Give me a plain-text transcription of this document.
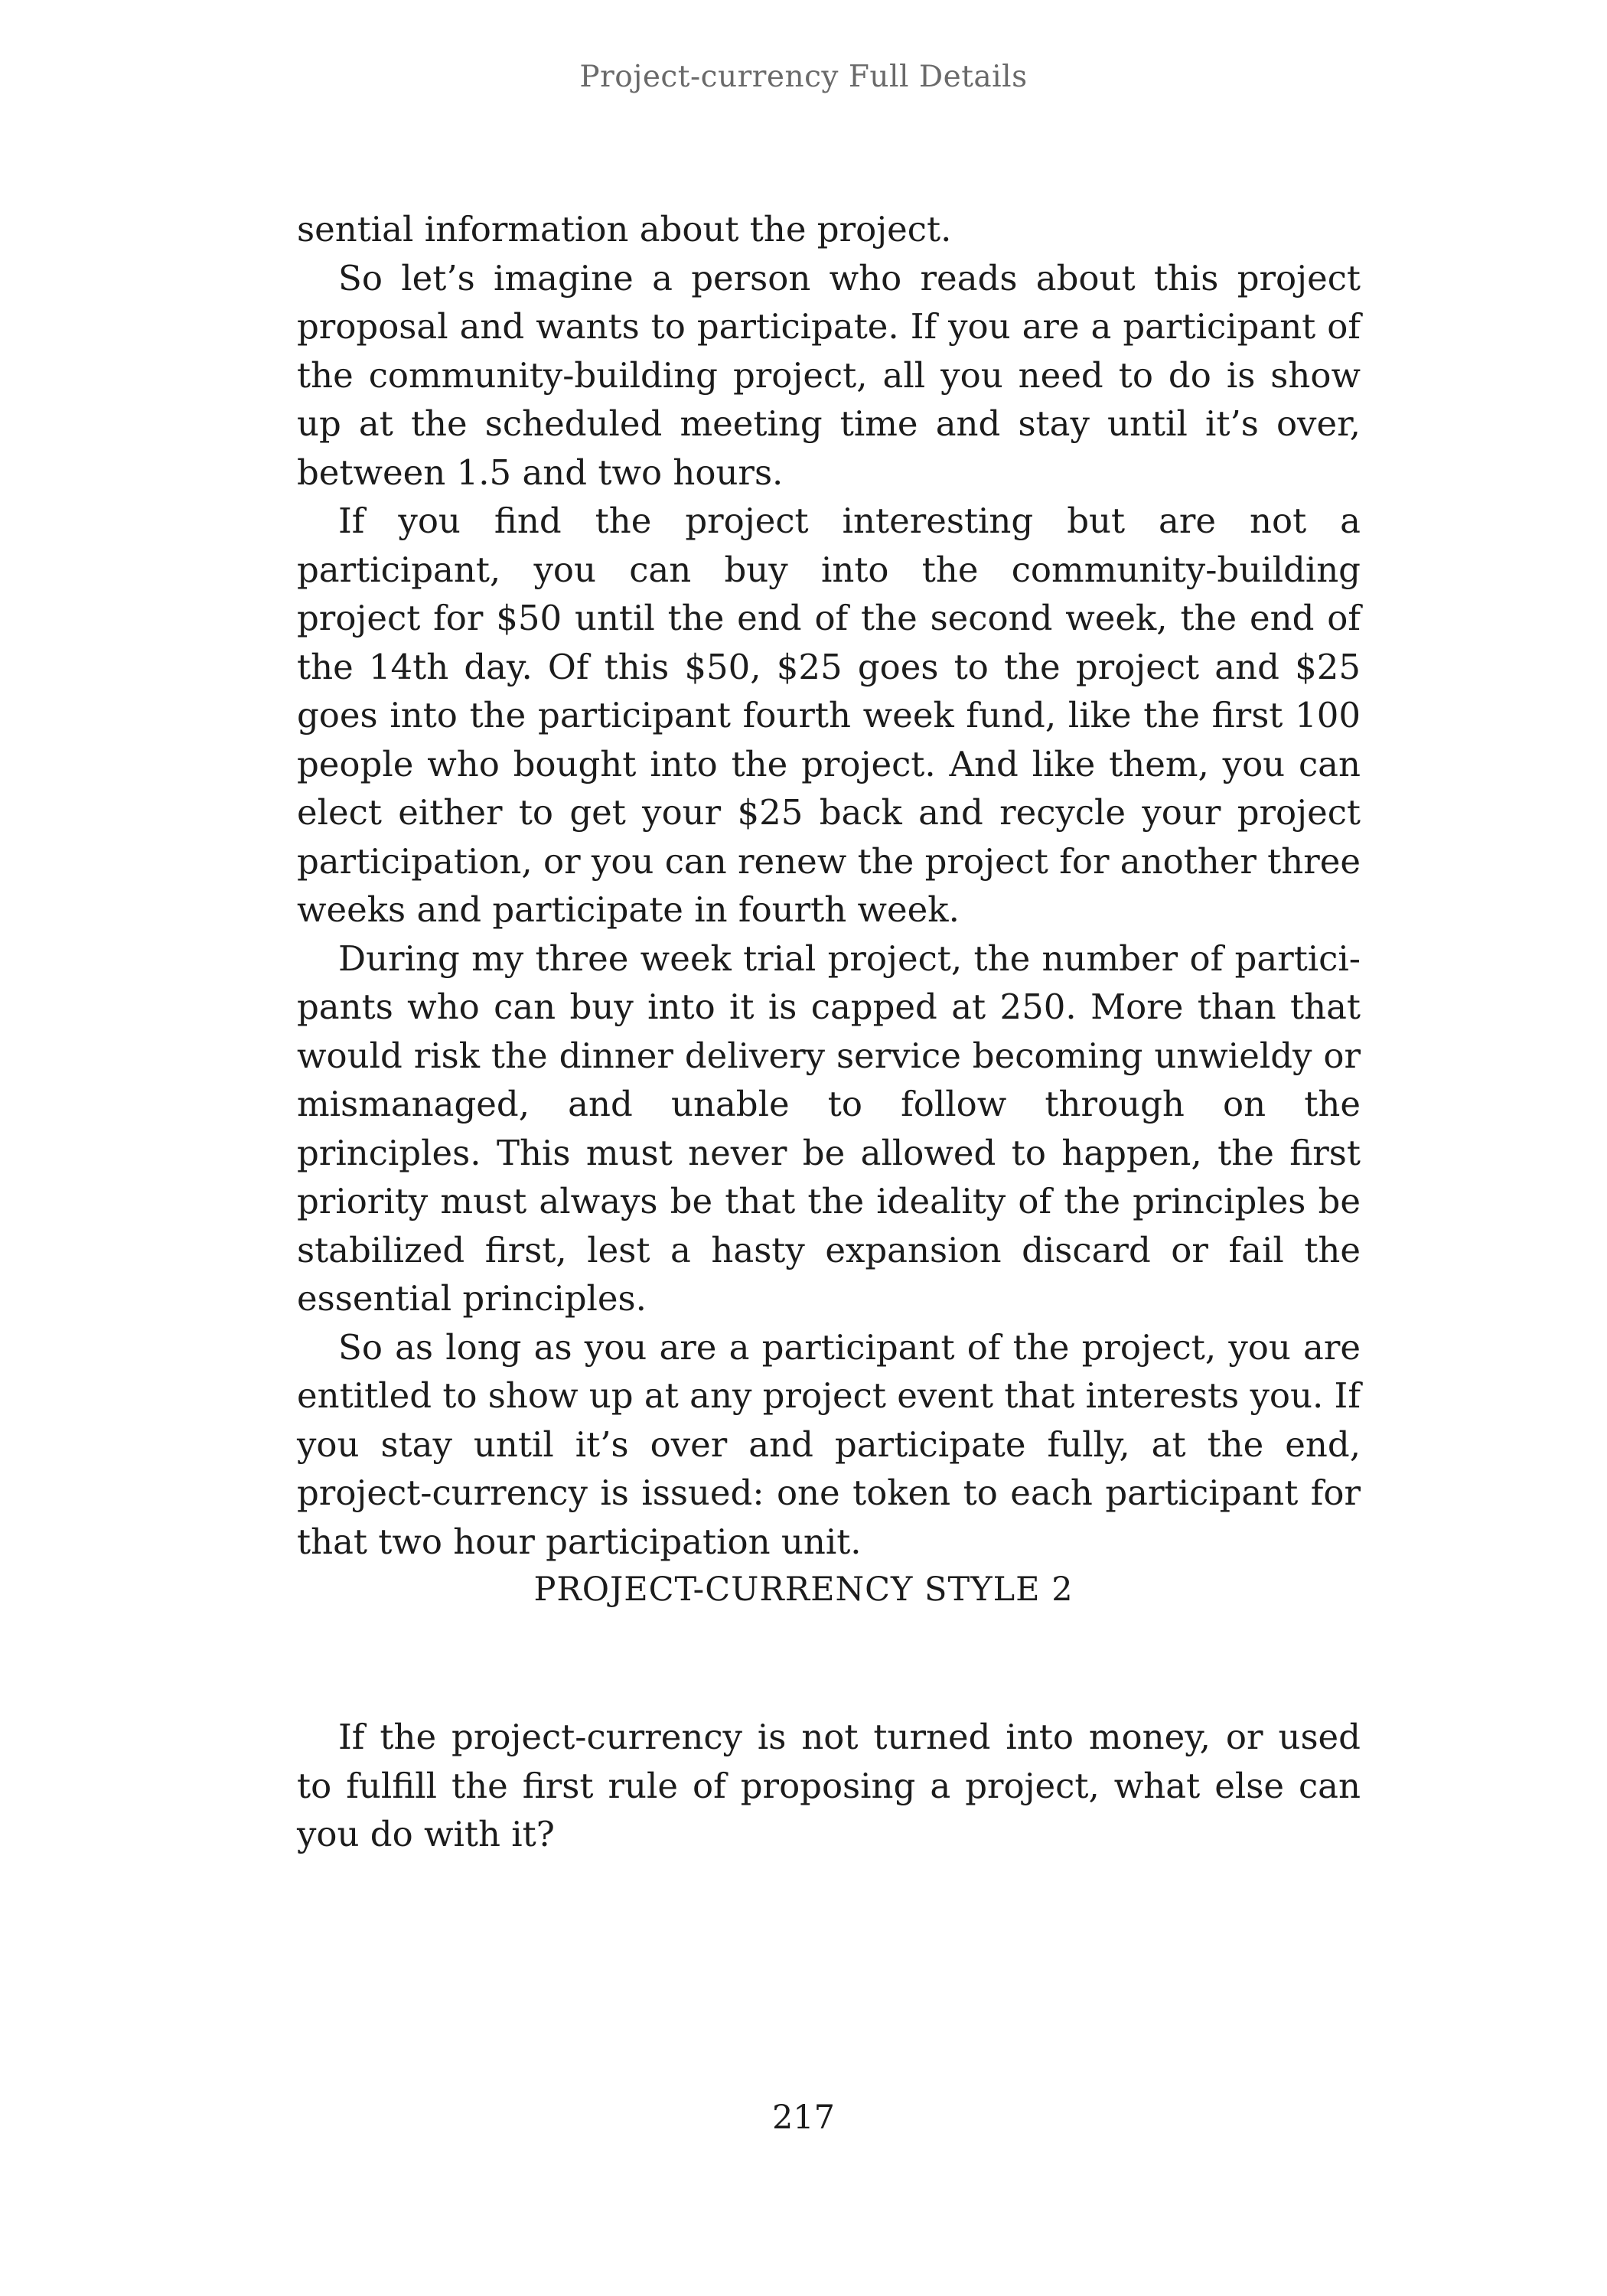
Project-currency Full Details

sential information about the project.

So let’s imagine a person who reads about this project proposal and wants to participate. If you are a participant of the community-building project, all you need to do is show up at the scheduled meeting time and stay until it’s over, between 1.5 and two hours.

If you find the project interesting but are not a participant, you can buy into the community-building project for $50 until the end of the second week, the end of the 14th day. Of this $50, $25 goes to the project and $25 goes into the participant fourth week fund, like the first 100 people who bought into the project. And like them, you can elect either to get your $25 back and recycle your project participation, or you can renew the project for another three weeks and participate in fourth week.

During my three week trial project, the number of participants who can buy into it is capped at 250. More than that would risk the dinner delivery service becoming unwieldy or mismanaged, and unable to follow through on the principles. This must never be allowed to happen, the first priority must always be that the ideality of the principles be stabilized first, lest a hasty expansion discard or fail the essential principles.

So as long as you are a participant of the project, you are entitled to show up at any project event that interests you. If you stay until it’s over and participate fully, at the end, project-currency is issued: one token to each participant for that two hour participation unit.

PROJECT-CURRENCY STYLE 2

If the project-currency is not turned into money, or used to fulfill the first rule of proposing a project, what else can you do with it?

217
